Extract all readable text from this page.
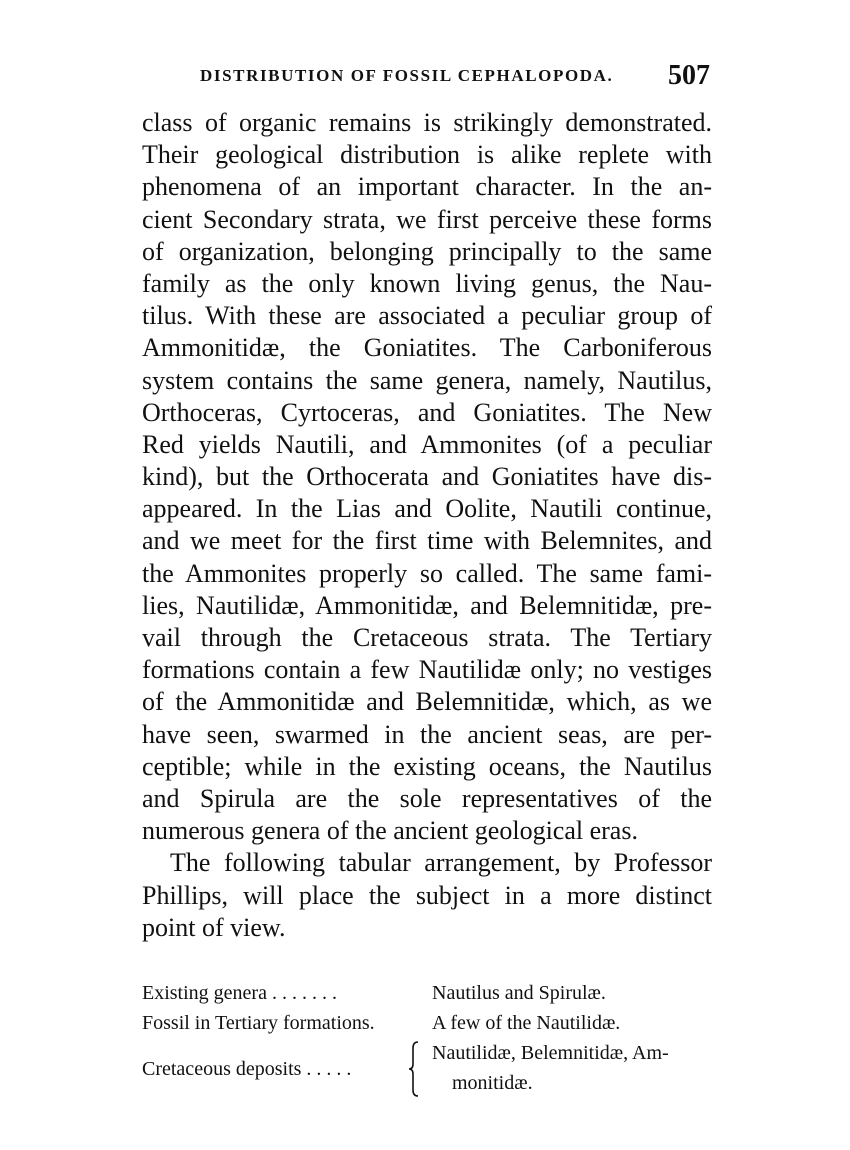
DISTRIBUTION OF FOSSIL CEPHALOPODA. 507
class of organic remains is strikingly demonstrated.
Their geological distribution is alike replete with
phenomena of an important character. In the an-
cient Secondary strata, we first perceive these forms
of organization, belonging principally to the same
family as the only known living genus, the Nau-
tilus. With these are associated a peculiar group of
Ammonitidæ, the Goniatites. The Carboniferous
system contains the same genera, namely, Nautilus,
Orthoceras, Cyrtoceras, and Goniatites. The New
Red yields Nautili, and Ammonites (of a peculiar
kind), but the Orthocerata and Goniatites have dis-
appeared. In the Lias and Oolite, Nautili continue,
and we meet for the first time with Belemnites, and
the Ammonites properly so called. The same fami-
lies, Nautilidæ, Ammonitidæ, and Belemnitidæ, pre-
vail through the Cretaceous strata. The Tertiary
formations contain a few Nautilidæ only; no vestiges
of the Ammonitidæ and Belemnitidæ, which, as we
have seen, swarmed in the ancient seas, are per-
ceptible; while in the existing oceans, the Nautilus
and Spirula are the sole representatives of the
numerous genera of the ancient geological eras.
The following tabular arrangement, by Professor
Phillips, will place the subject in a more distinct
point of view.
Existing genera . . . . . . .	Nautilus and Spirulæ.
Fossil in Tertiary formations.	A few of the Nautilidæ.
Cretaceous deposits . . . . .
Nautilidæ, Belemnitidæ, Am-
monitidæ.
